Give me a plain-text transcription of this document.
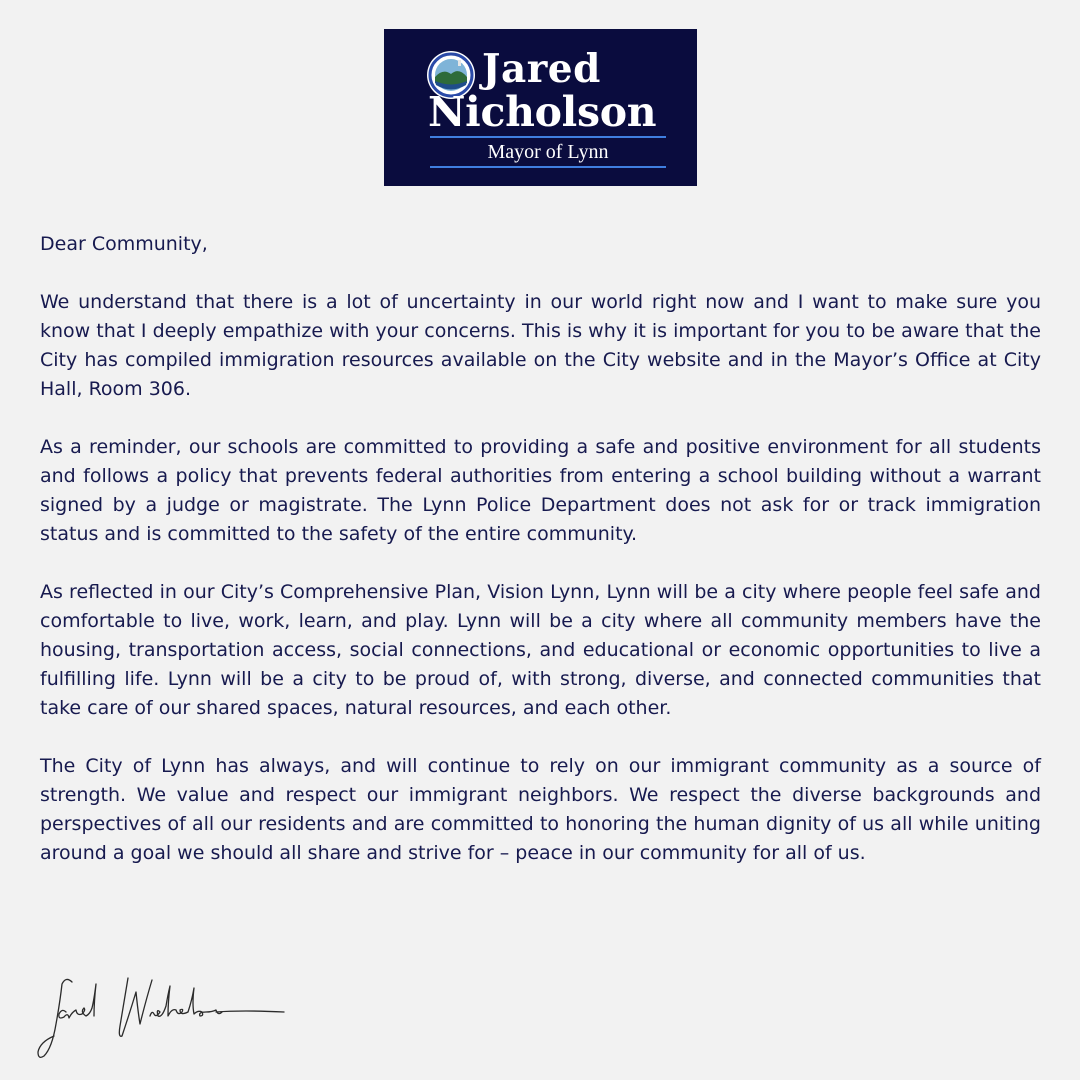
Jared
Nicholson
Mayor of Lynn

Dear Community,

We understand that there is a lot of uncertainty in our world right now and I want to make sure you know that I deeply empathize with your concerns. This is why it is important for you to be aware that the City has compiled immigration resources available on the City website and in the Mayor’s Office at City Hall, Room 306.

As a reminder, our schools are committed to providing a safe and positive environment for all students and follows a policy that prevents federal authorities from entering a school building without a warrant signed by a judge or magistrate. The Lynn Police Department does not ask for or track immigration status and is committed to the safety of the entire community.

As reflected in our City’s Comprehensive Plan, Vision Lynn, Lynn will be a city where people feel safe and comfortable to live, work, learn, and play. Lynn will be a city where all community members have the housing, transportation access, social connections, and educational or economic opportunities to live a fulfilling life. Lynn will be a city to be proud of, with strong, diverse, and connected communities that take care of our shared spaces, natural resources, and each other.

The City of Lynn has always, and will continue to rely on our immigrant community as a source of strength. We value and respect our immigrant neighbors. We respect the diverse backgrounds and perspectives of all our residents and are committed to honoring the human dignity of us all while uniting around a goal we should all share and strive for – peace in our community for all of us.
